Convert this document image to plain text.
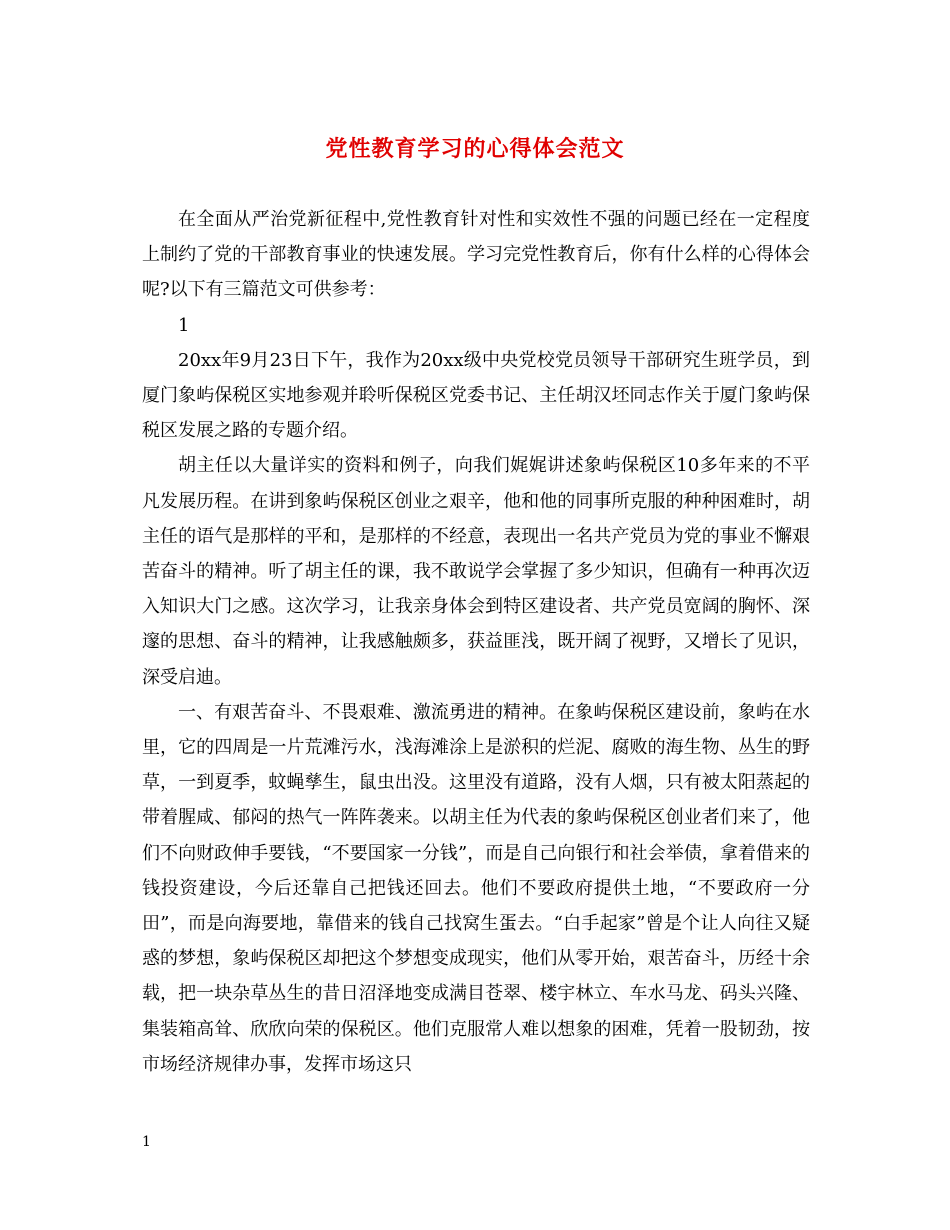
党性教育学习的心得体会范文

在全面从严治党新征程中,党性教育针对性和实效性不强的问题已经在一定程度上制约了党的干部教育事业的快速发展。学习完党性教育后，你有什么样的心得体会呢?以下有三篇范文可供参考：

1

20xx年9月23日下午，我作为20xx级中央党校党员领导干部研究生班学员，到厦门象屿保税区实地参观并聆听保税区党委书记、主任胡汉坯同志作关于厦门象屿保税区发展之路的专题介绍。

胡主任以大量详实的资料和例子，向我们娓娓讲述象屿保税区10多年来的不平凡发展历程。在讲到象屿保税区创业之艰辛，他和他的同事所克服的种种困难时，胡主任的语气是那样的平和，是那样的不经意，表现出一名共产党员为党的事业不懈艰苦奋斗的精神。听了胡主任的课，我不敢说学会掌握了多少知识，但确有一种再次迈入知识大门之感。这次学习，让我亲身体会到特区建设者、共产党员宽阔的胸怀、深邃的思想、奋斗的精神，让我感触颇多，获益匪浅，既开阔了视野，又增长了见识，深受启迪。

一、有艰苦奋斗、不畏艰难、激流勇进的精神。在象屿保税区建设前，象屿在水里，它的四周是一片荒滩污水，浅海滩涂上是淤积的烂泥、腐败的海生物、丛生的野草，一到夏季，蚊蝇孳生，鼠虫出没。这里没有道路，没有人烟，只有被太阳蒸起的带着腥咸、郁闷的热气一阵阵袭来。以胡主任为代表的象屿保税区创业者们来了，他们不向财政伸手要钱，“不要国家一分钱”，而是自己向银行和社会举债，拿着借来的钱投资建设，今后还靠自己把钱还回去。他们不要政府提供土地，“不要政府一分田”，而是向海要地，靠借来的钱自己找窝生蛋去。“白手起家”曾是个让人向往又疑惑的梦想，象屿保税区却把这个梦想变成现实，他们从零开始，艰苦奋斗，历经十余载，把一块杂草丛生的昔日沼泽地变成满目苍翠、楼宇林立、车水马龙、码头兴隆、集装箱高耸、欣欣向荣的保税区。他们克服常人难以想象的困难，凭着一股韧劲，按市场经济规律办事，发挥市场这只

1
